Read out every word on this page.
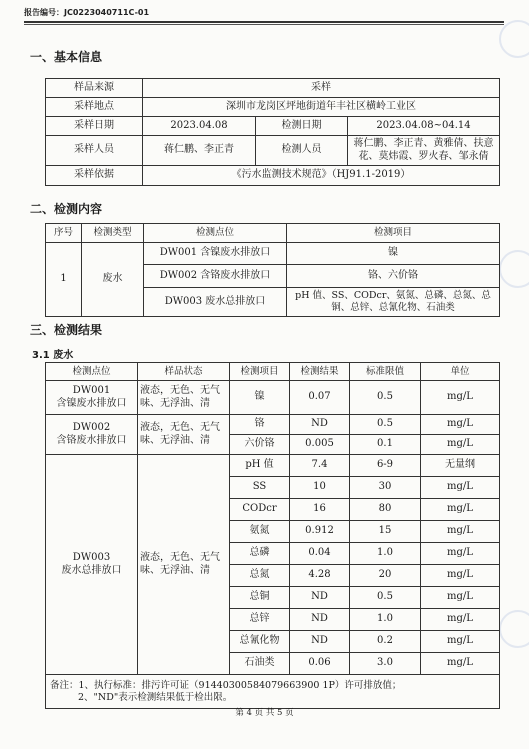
报告编号：JC0223040711C-01
一、基本信息
样品来源	采样		
采样地点	深圳市龙岗区坪地街道年丰社区横岭工业区		
采样日期	2023.04.08	检测日期	2023.04.08~04.14
采样人员	蒋仁鹏、李正青	检测人员	蒋仁鹏、李正青、黄雅倩、扶意花、莫炜霞、罗火春、邹永倩
采样依据	《污水监测技术规范》（HJ91.1-2019）		
二、检测内容
序号	检测类型	检测点位	检测项目
1	废水	DW001 含镍废水排放口	镍
		DW002 含铬废水排放口	铬、六价铬
		DW003 废水总排放口	pH 值、SS、CODcr、氨氮、总磷、总氮、总铜、总锌、总氰化物、石油类
三、检测结果
3.1 废水
检测点位	样品状态	检测项目	检测结果	标准限值	单位

DW001
含镍废水排放口	液态，无色、无气味、无浮油、清	镍	0.07	0.5	mg/L

DW002
含铬废水排放口	液态，无色、无气味、无浮油、清	铬	ND	0.5	mg/L
		六价铬	0.005	0.1	mg/L

DW003
废水总排放口	液态，无色、无气味、无浮油、清	pH 值	7.4	6-9	无量纲
		SS	10	30	mg/L
		CODcr	16	80	mg/L
		氨氮	0.912	15	mg/L
		总磷	0.04	1.0	mg/L
		总氮	4.28	20	mg/L
		总铜	ND	0.5	mg/L
		总锌	ND	1.0	mg/L
		总氰化物	ND	0.2	mg/L
		石油类	0.06	3.0	mg/L

备注：1、执行标准：排污许可证（91440300584079663900 1P）许可排放值；
2、"ND"表示检测结果低于检出限。					
第 4 页 共 5 页
